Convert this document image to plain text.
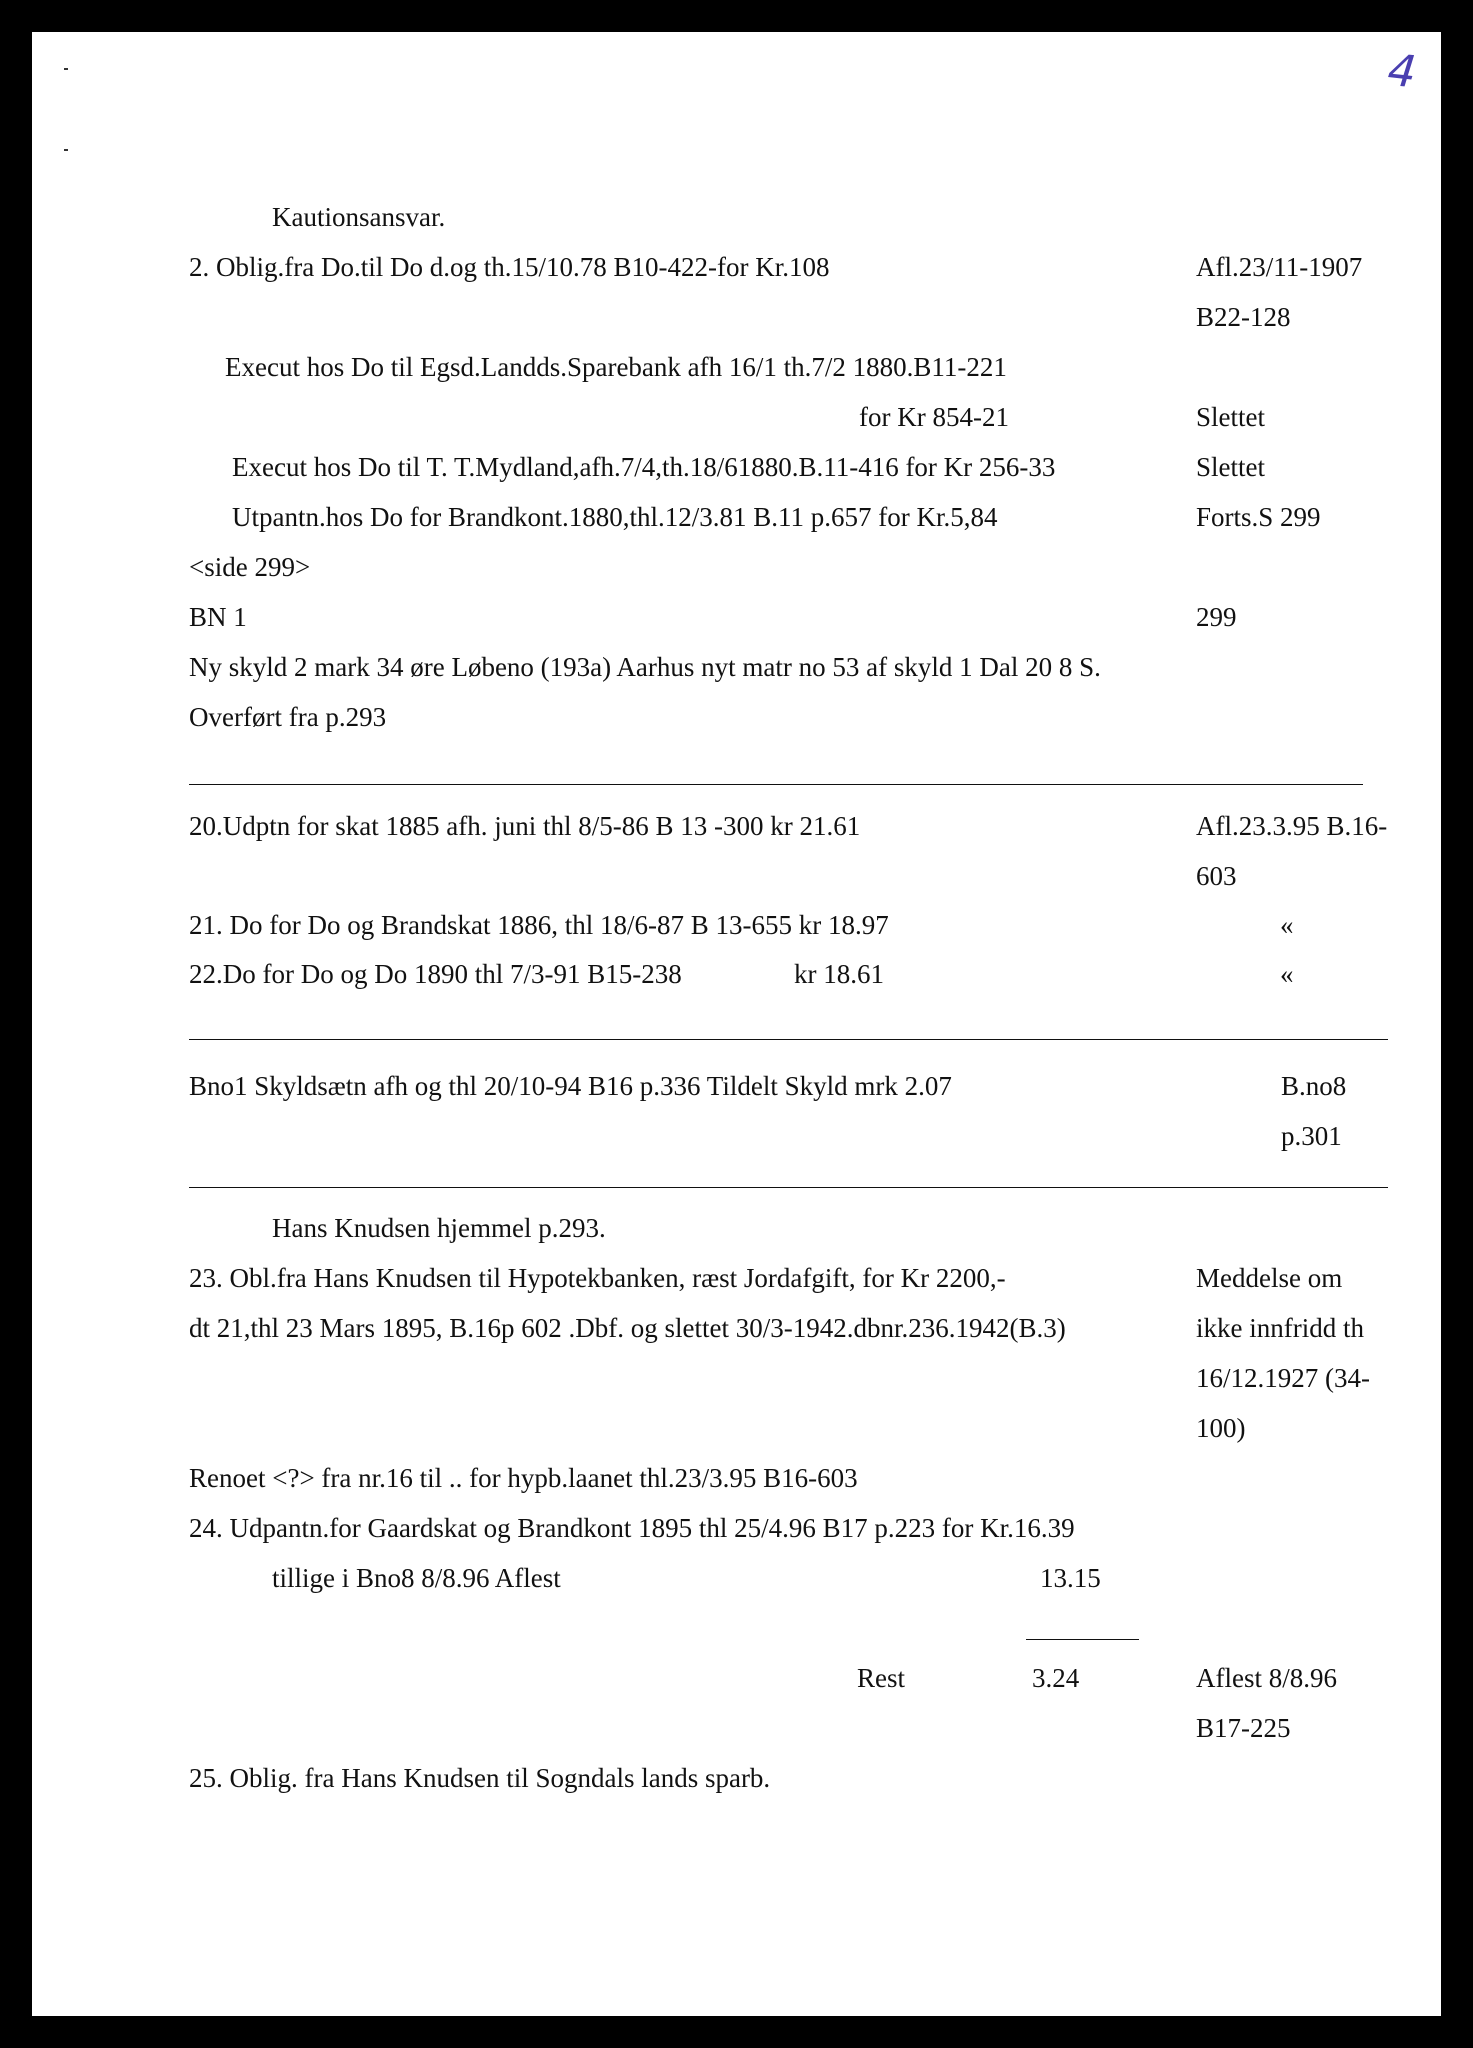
4
Kautionsansvar.
2. Oblig.fra Do.til Do d.og th.15/10.78 B10-422-for Kr.108	Afl.23/11-1907
B22-128
Execut hos Do til Egsd.Landds.Sparebank afh 16/1 th.7/2 1880.B11-221
for Kr 854-21	Slettet
Execut hos Do til T. T.Mydland,afh.7/4,th.18/61880.B.11-416 for Kr 256-33	Slettet
Utpantn.hos Do for Brandkont.1880,thl.12/3.81 B.11 p.657 for Kr.5,84	Forts.S 299
<side 299>
BN 1	299
Ny skyld 2 mark 34 øre Løbeno (193a) Aarhus nyt matr no 53 af skyld 1 Dal 20 8 S.
Overført fra p.293
20.Udptn for skat 1885 afh. juni thl 8/5-86 B 13 -300 kr 21.61	Afl.23.3.95 B.16-
603
21. Do for Do og Brandskat 1886, thl 18/6-87 B 13-655 kr 18.97	«
22.Do for Do og Do 1890 thl 7/3-91 B15-238	kr 18.61	«
Bno1 Skyldsætn afh og thl 20/10-94 B16 p.336 Tildelt Skyld mrk 2.07	B.no8
p.301
Hans Knudsen hjemmel p.293.
23. Obl.fra Hans Knudsen til Hypotekbanken, ræst Jordafgift, for Kr 2200,-
dt 21,thl 23 Mars 1895, B.16p 602 .Dbf. og slettet 30/3-1942.dbnr.236.1942(B.3)
Meddelse om
ikke innfridd th
16/12.1927 (34-
100)
Renoet <?> fra nr.16 til .. for hypb.laanet thl.23/3.95 B16-603
24. Udpantn.for Gaardskat og Brandkont 1895 thl 25/4.96 B17 p.223 for Kr.16.39
tillige i Bno8 8/8.96 Aflest	13.15
Rest	3.24	Aflest 8/8.96
B17-225
25. Oblig. fra Hans Knudsen til Sogndals lands sparb.
